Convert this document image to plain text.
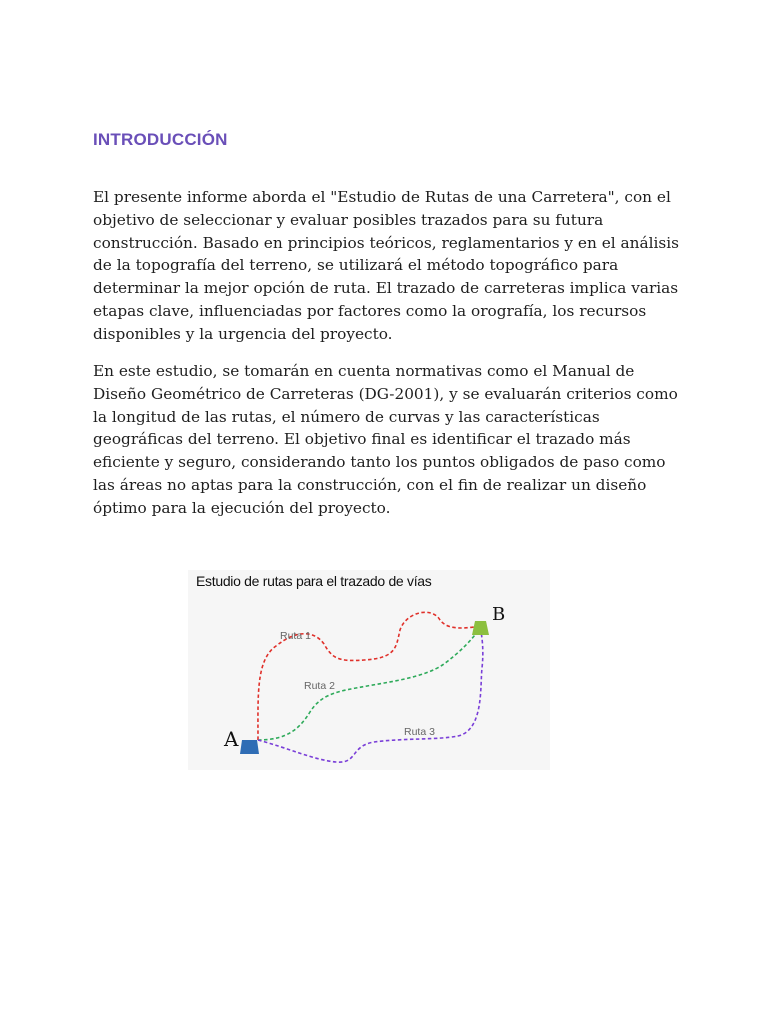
INTRODUCCIÓN

El presente informe aborda el "Estudio de Rutas de una Carretera", con el objetivo de seleccionar y evaluar posibles trazados para su futura construcción. Basado en principios teóricos, reglamentarios y en el análisis de la topografía del terreno, se utilizará el método topográfico para determinar la mejor opción de ruta. El trazado de carreteras implica varias etapas clave, influenciadas por factores como la orografía, los recursos disponibles y la urgencia del proyecto.

En este estudio, se tomarán en cuenta normativas como el Manual de Diseño Geométrico de Carreteras (DG-2001), y se evaluarán criterios como la longitud de las rutas, el número de curvas y las características geográficas del terreno. El objetivo final es identificar el trazado más eficiente y seguro, considerando tanto los puntos obligados de paso como las áreas no aptas para la construcción, con el fin de realizar un diseño óptimo para la ejecución del proyecto.

Estudio de rutas para el trazado de vías
A
B
Ruta 1
Ruta 2
Ruta 3
